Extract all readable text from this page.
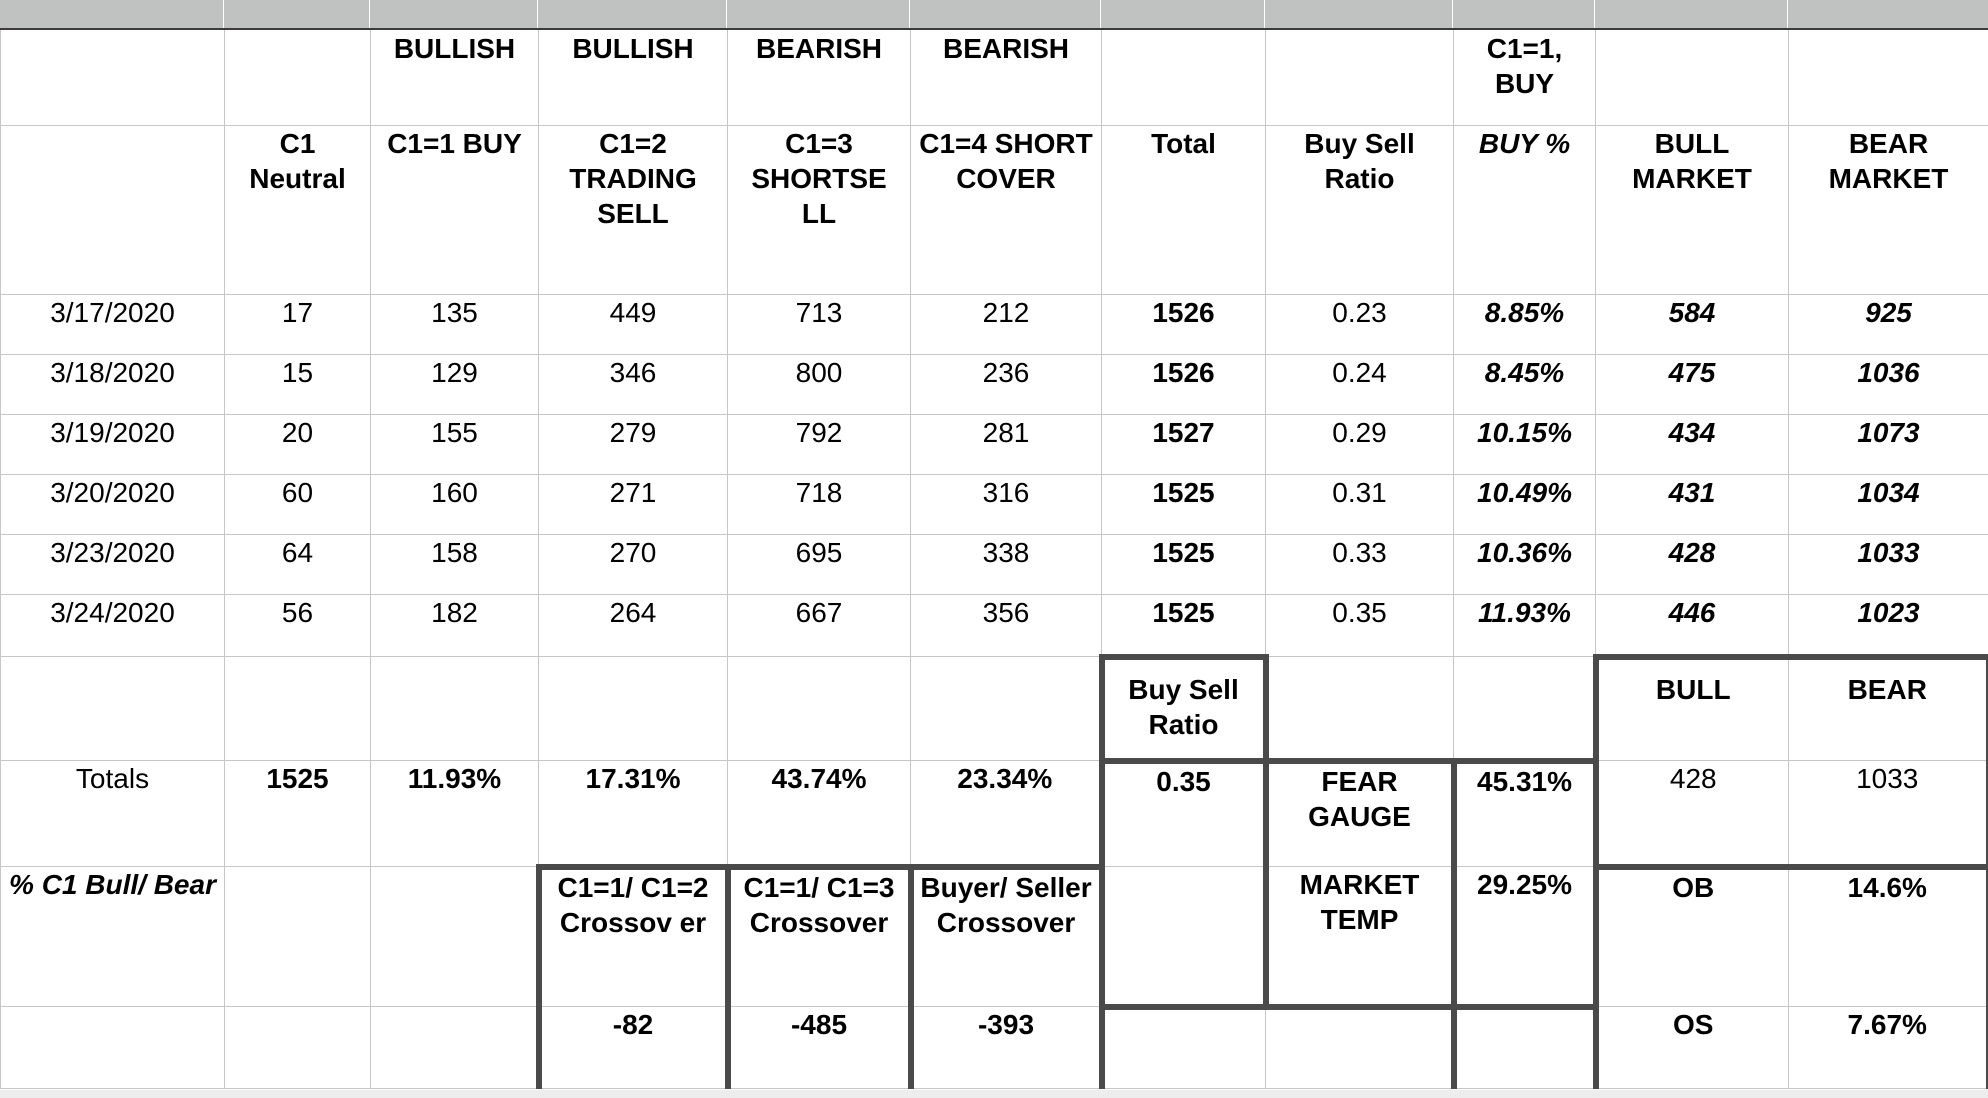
		BULLISH	BULLISH	BEARISH	BEARISH			C1=1, BUY		
	C1 Neutral	C1=1 BUY	C1=2 TRADING SELL	C1=3 SHORTSE LL	C1=4 SHORT COVER	Total	Buy Sell Ratio	BUY %	BULL MARKET	BEAR MARKET
3/17/2020	17	135	449	713	212	1526	0.23	8.85%	584	925
3/18/2020	15	129	346	800	236	1526	0.24	8.45%	475	1036
3/19/2020	20	155	279	792	281	1527	0.29	10.15%	434	1073
3/20/2020	60	160	271	718	316	1525	0.31	10.49%	431	1034
3/23/2020	64	158	270	695	338	1525	0.33	10.36%	428	1033
3/24/2020	56	182	264	667	356	1525	0.35	11.93%	446	1023
						Buy Sell Ratio			BULL	BEAR
Totals	1525	11.93%	17.31%	43.74%	23.34%	0.35	FEAR GAUGE	45.31%	428	1033
% C1 Bull/ Bear			C1=1/ C1=2 Crossov er	C1=1/ C1=3 Crossover	Buyer/ Seller Crossover		MARKET TEMP	29.25%	OB	14.6%
			-82	-485	-393				OS	7.67%
